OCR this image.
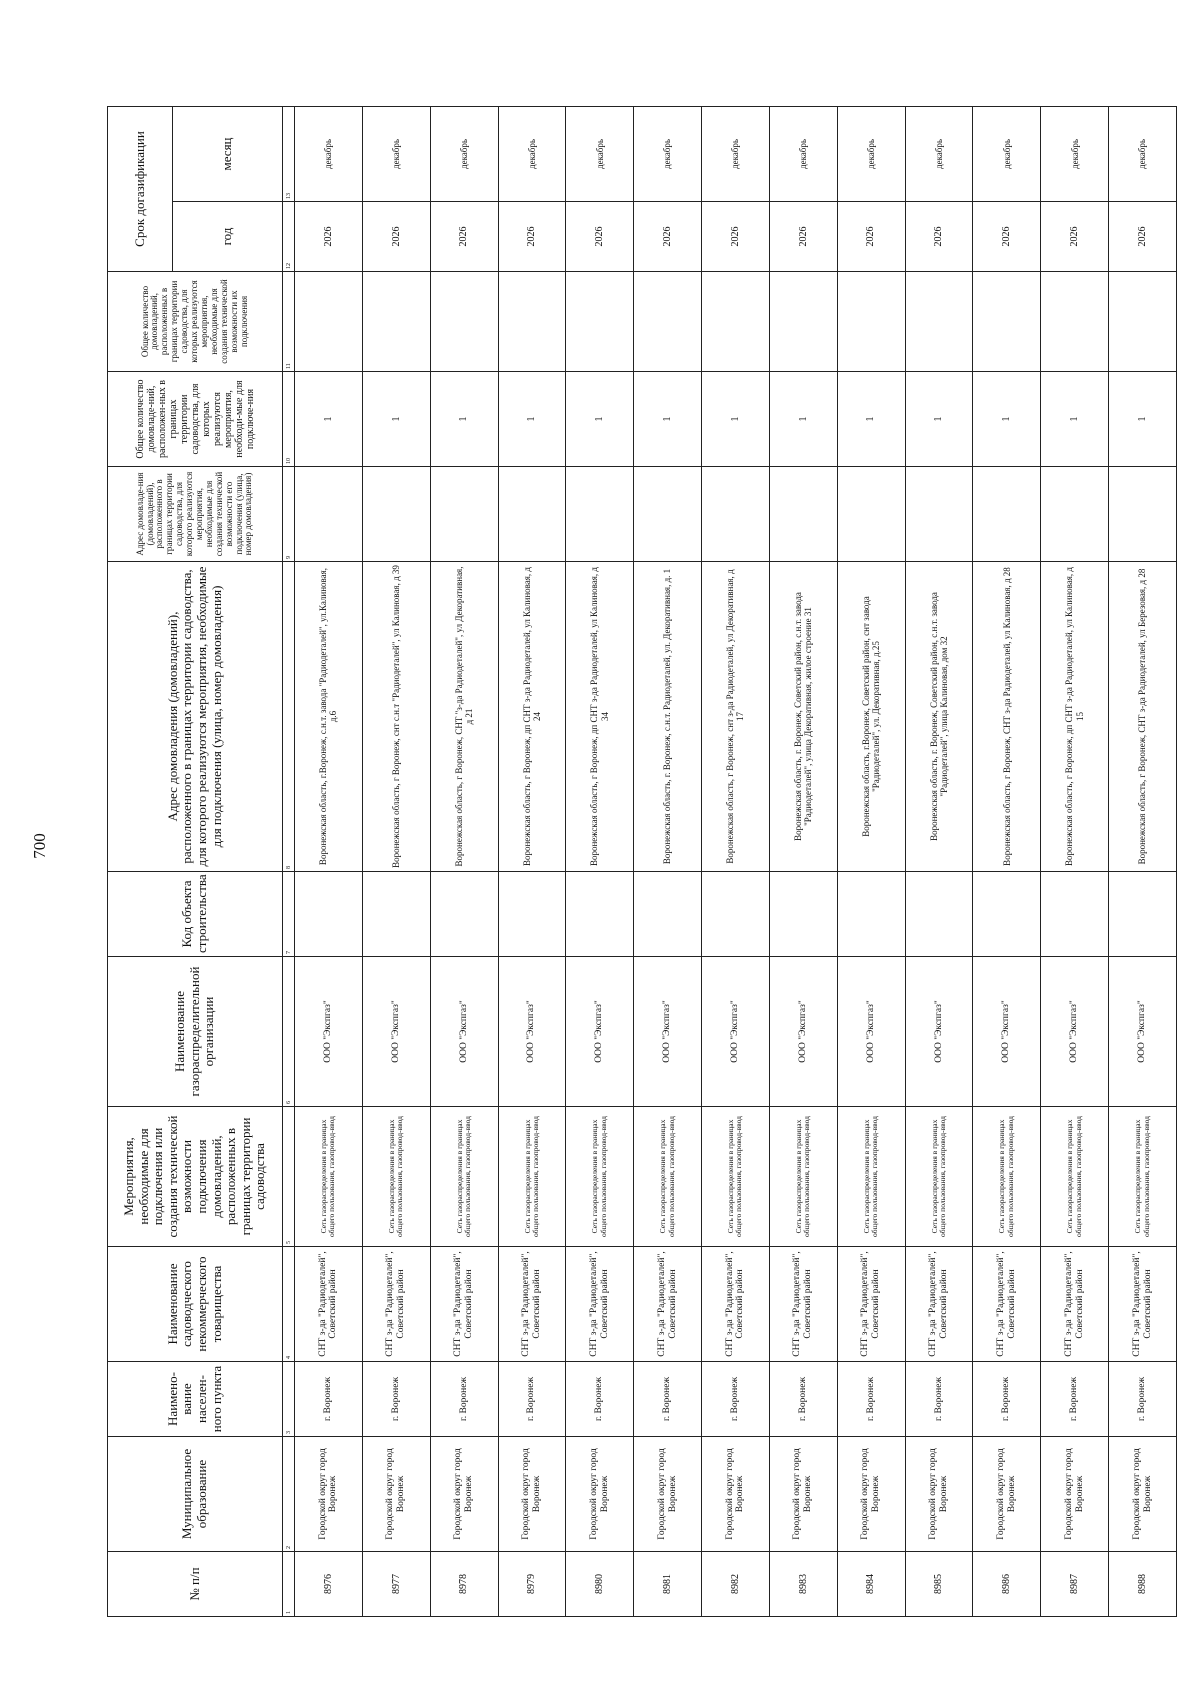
700
№ п/п	Муниципальное образование	Наимено-вание населен-ного пункта	Наименование садоводческого некоммерческого товарищества	Мероприятия, необходимые для подключения или создания технической возможности подключения домовладений, расположенных в границах территории садоводства	Наименование газораспределительной организации	Код объекта строительства	Адрес домовладения (домовладений), расположенного в границах территории садоводства, для которого реализуются мероприятия, необходимые для подключения (улица, номер домовладения)	Адрес домовладе-ния (домовладений), расположенного в границах территории садоводства, для которого реализуются мероприятия, необходимые для создания технической возможности его подключения (улица, номер домовладения)	Общее количество домовладе-ний, расположен-ных в границах территории садоводства, для которых реализуются мероприятия, необходи-мые для подключе-ния	Общее количество домовладений, расположенных в границах территории садоводства, для которых реализуются мероприятия, необходимые для создания технической возможности их подключения	Срок догазификации	
											год	месяц
1	2	3	4	5	6	7	8	9	10	11	12	13
8976	Городской округ город Воронеж	г. Воронеж	СНТ з-да "Радиодеталей", Советский район	Сеть газораспределения в границах общего пользования, газопровод-ввод	ООО "Экспгаз"		Воронежская область, г.Воронеж, с.н.т. завода "Радиодеталей", ул.Калиновая, д.6		1		2026	декабрь
8977	Городской округ город Воронеж	г. Воронеж	СНТ з-да "Радиодеталей", Советский район	Сеть газораспределения в границах общего пользования, газопровод-ввод	ООО "Экспгаз"		Воронежская область, г Воронеж, снт с.н.т "Радиодеталей", ул Калиновая, д 39		1		2026	декабрь
8978	Городской округ город Воронеж	г. Воронеж	СНТ з-да "Радиодеталей", Советский район	Сеть газораспределения в границах общего пользования, газопровод-ввод	ООО "Экспгаз"		Воронежская область, г Воронеж, СНТ "з-да Радиодеталей", ул Декоративная, д 21		1		2026	декабрь
8979	Городской округ город Воронеж	г. Воронеж	СНТ з-да "Радиодеталей", Советский район	Сеть газораспределения в границах общего пользования, газопровод-ввод	ООО "Экспгаз"		Воронежская область, г Воронеж, дп СНТ з-да Радиодеталей, ул Калиновая, д 24		1		2026	декабрь
8980	Городской округ город Воронеж	г. Воронеж	СНТ з-да "Радиодеталей", Советский район	Сеть газораспределения в границах общего пользования, газопровод-ввод	ООО "Экспгаз"		Воронежская область, г Воронеж, дп СНТ з-да Радиодеталей, ул Калиновая, д 34		1		2026	декабрь
8981	Городской округ город Воронеж	г. Воронеж	СНТ з-да "Радиодеталей", Советский район	Сеть газораспределения в границах общего пользования, газопровод-ввод	ООО "Экспгаз"		Воронежская область, г. Воронеж, с.н.т. Радиодеталей, ул. Декоративная, д. 1		1		2026	декабрь
8982	Городской округ город Воронеж	г. Воронеж	СНТ з-да "Радиодеталей", Советский район	Сеть газораспределения в границах общего пользования, газопровод-ввод	ООО "Экспгаз"		Воронежская область, г Воронеж, снт з-да Радиодеталей, ул Декоративная, д 17		1		2026	декабрь
8983	Городской округ город Воронеж	г. Воронеж	СНТ з-да "Радиодеталей", Советский район	Сеть газораспределения в границах общего пользования, газопровод-ввод	ООО "Экспгаз"		Воронежская область, г. Воронеж, Советский район, с.н.т. завода "Радиодеталей", улица Декоративная, жилое строение 31		1		2026	декабрь
8984	Городской округ город Воронеж	г. Воронеж	СНТ з-да "Радиодеталей", Советский район	Сеть газораспределения в границах общего пользования, газопровод-ввод	ООО "Экспгаз"		Воронежская область, г.Воронеж, Советский район, снт завода "Радиодеталей", ул. Декоративная, д.25		1		2026	декабрь
8985	Городской округ город Воронеж	г. Воронеж	СНТ з-да "Радиодеталей", Советский район	Сеть газораспределения в границах общего пользования, газопровод-ввод	ООО "Экспгаз"		Воронежская область, г. Воронеж, Советский район, с.н.т. завода "Радиодеталей", улица Калиновая, дом 32		1		2026	декабрь
8986	Городской округ город Воронеж	г. Воронеж	СНТ з-да "Радиодеталей", Советский район	Сеть газораспределения в границах общего пользования, газопровод-ввод	ООО "Экспгаз"		Воронежская область, г Воронеж, СНТ з-да Радиодеталей, ул Калиновая, д 28		1		2026	декабрь
8987	Городской округ город Воронеж	г. Воронеж	СНТ з-да "Радиодеталей", Советский район	Сеть газораспределения в границах общего пользования, газопровод-ввод	ООО "Экспгаз"		Воронежская область, г Воронеж, дп СНТ з-да Радиодеталей, ул Калиновая, д 15		1		2026	декабрь
8988	Городской округ город Воронеж	г. Воронеж	СНТ з-да "Радиодеталей", Советский район	Сеть газораспределения в границах общего пользования, газопровод-ввод	ООО "Экспгаз"		Воронежская область, г Воронеж, СНТ з-да Радиодеталей, ул Березовая, д 28		1		2026	декабрь
